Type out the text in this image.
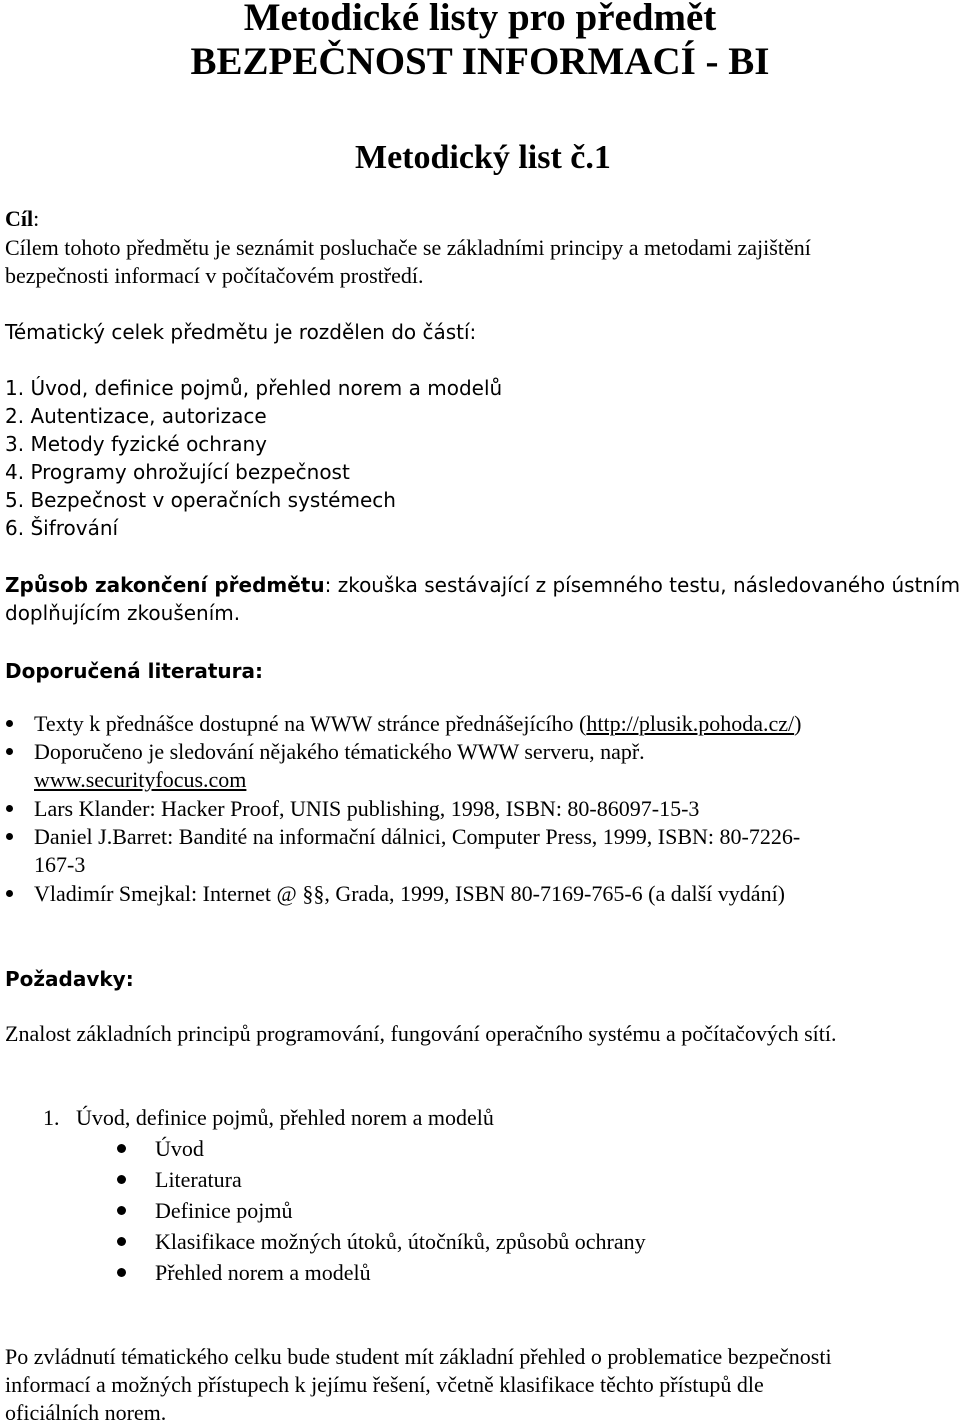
Metodické listy pro předmět
BEZPEČNOST INFORMACÍ - BI
Metodický list č.1
Cíl:
Cílem tohoto předmětu je seznámit posluchače se základními principy a metodami zajištění
bezpečnosti informací v počítačovém prostředí.
Tématický celek předmětu je rozdělen do částí:
1. Úvod, definice pojmů, přehled norem a modelů
2. Autentizace, autorizace
3. Metody fyzické ochrany
4. Programy ohrožující bezpečnost
5. Bezpečnost v operačních systémech
6. Šifrování
Způsob zakončení předmětu: zkouška sestávající z písemného testu, následovaného ústním
doplňujícím zkoušením.
Doporučená literatura:
Texty k přednášce dostupné na WWW stránce přednášejícího (http://plusik.pohoda.cz/)
Doporučeno je sledování nějakého tématického WWW serveru, např.
www.securityfocus.com
Lars Klander: Hacker Proof, UNIS publishing, 1998, ISBN: 80-86097-15-3
Daniel J.Barret: Bandité na informační dálnici, Computer Press, 1999, ISBN: 80-7226-
167-3
Vladimír Smejkal: Internet @ §§, Grada, 1999, ISBN 80-7169-765-6 (a další vydání)
Požadavky:
Znalost základních principů programování, fungování operačního systému a počítačových sítí.
1.   Úvod, definice pojmů, přehled norem a modelů
Úvod
Literatura
Definice pojmů
Klasifikace možných útoků, útočníků, způsobů ochrany
Přehled norem a modelů
Po zvládnutí tématického celku bude student mít základní přehled o problematice bezpečnosti
informací a možných přístupech k jejímu řešení, včetně klasifikace těchto přístupů dle
oficiálních norem.
